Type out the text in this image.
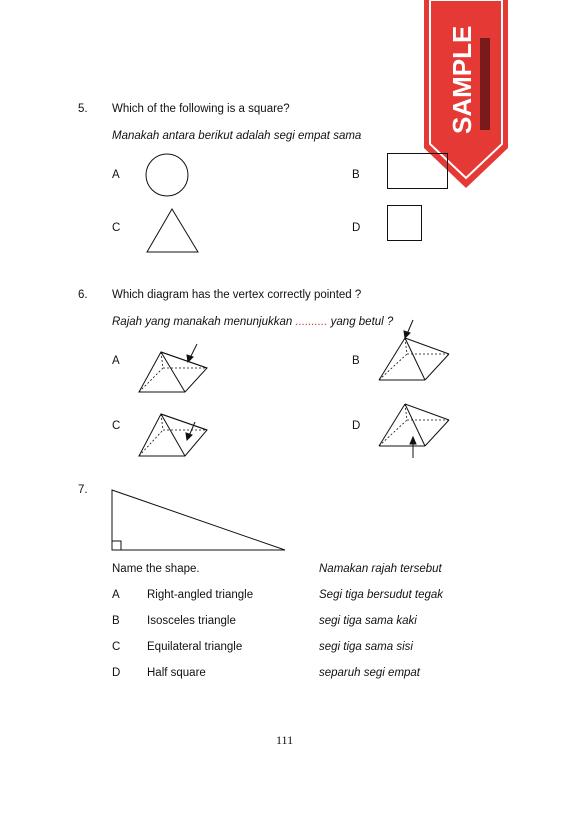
SAMPLE
5. Which of the following is a square?
Manakah antara berikut adalah segi empat sama
A	B
C	D
6. Which diagram has the vertex correctly pointed ?
Rajah yang manakah menunjukkan .......... yang betul ?
A	B
C	D
7.
Name the shape.	Namakan rajah tersebut
A Right-angled triangle	Segi tiga bersudut tegak
B Isosceles triangle	segi tiga sama kaki
C Equilateral triangle	segi tiga sama sisi
D Half square	separuh segi empat
111
